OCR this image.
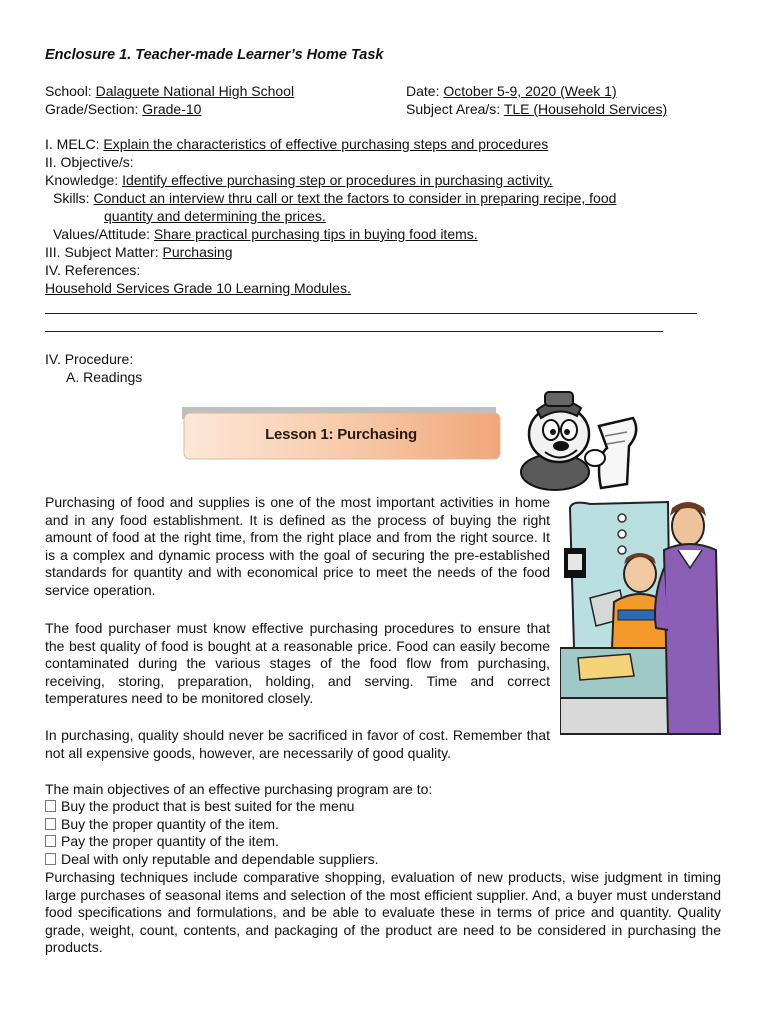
Enclosure 1. Teacher-made Learner’s Home Task
School: Dalaguete National High School	Date: October 5-9, 2020 (Week 1)
Grade/Section: Grade-10	Subject Area/s: TLE (Household Services)
I. MELC: Explain the characteristics of effective purchasing steps and procedures
II. Objective/s:
Knowledge: Identify effective purchasing step or procedures in purchasing activity.
Skills: Conduct an interview thru call or text the factors to consider in preparing recipe, food
quantity and determining the prices.
Values/Attitude: Share practical purchasing tips in buying food items.
III. Subject Matter: Purchasing
IV. References:
Household Services Grade 10 Learning Modules.
IV. Procedure:
A. Readings
Lesson 1: Purchasing
Purchasing of food and supplies is one of the most important activities in home and in any food establishment. It is defined as the process of buying the right amount of food at the right time, from the right place and from the right source. It is a complex and dynamic process with the goal of securing the pre-established standards for quantity and with economical price to meet the needs of the food service operation.
The food purchaser must know effective purchasing procedures to ensure that the best quality of food is bought at a reasonable price. Food can easily become contaminated during the various stages of the food flow from purchasing, receiving, storing, preparation, holding, and serving. Time and correct temperatures need to be monitored closely.
In purchasing, quality should never be sacrificed in favor of cost. Remember that not all expensive goods, however, are necessarily of good quality.
The main objectives of an effective purchasing program are to:
Buy the product that is best suited for the menu
Buy the proper quantity of the item.
Pay the proper quantity of the item.
Deal with only reputable and dependable suppliers.
Purchasing techniques include comparative shopping, evaluation of new products, wise judgment in timing large purchases of seasonal items and selection of the most efficient supplier. And, a buyer must understand food specifications and formulations, and be able to evaluate these in terms of price and quantity. Quality grade, weight, count, contents, and packaging of the product are need to be considered in purchasing the products.
